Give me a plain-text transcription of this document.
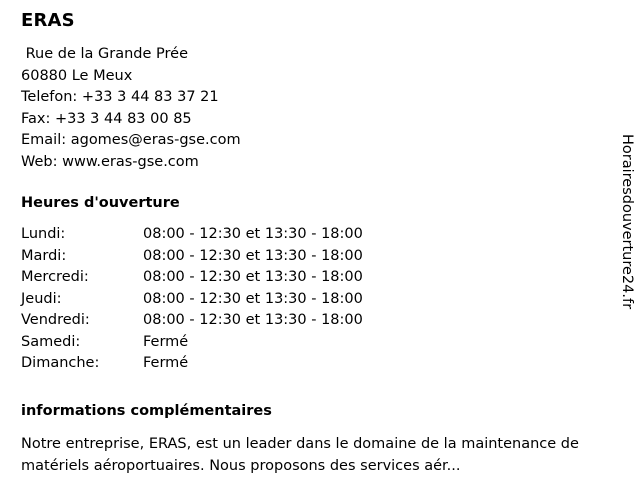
ERAS
Rue de la Grande Prée
60880 Le Meux
Telefon: +33 3 44 83 37 21
Fax: +33 3 44 83 00 85
Email: agomes@eras-gse.com
Web: www.eras-gse.com
Heures d'ouverture
Lundi:	08:00 - 12:30 et 13:30 - 18:00
Mardi:	08:00 - 12:30 et 13:30 - 18:00
Mercredi:	08:00 - 12:30 et 13:30 - 18:00
Jeudi:	08:00 - 12:30 et 13:30 - 18:00
Vendredi:	08:00 - 12:30 et 13:30 - 18:00
Samedi:	Fermé
Dimanche:	Fermé
informations complémentaires
Notre entreprise, ERAS, est un leader dans le domaine de la maintenance de matériels aéroportuaires. Nous proposons des services aér...
Horairesdouverture24.fr
